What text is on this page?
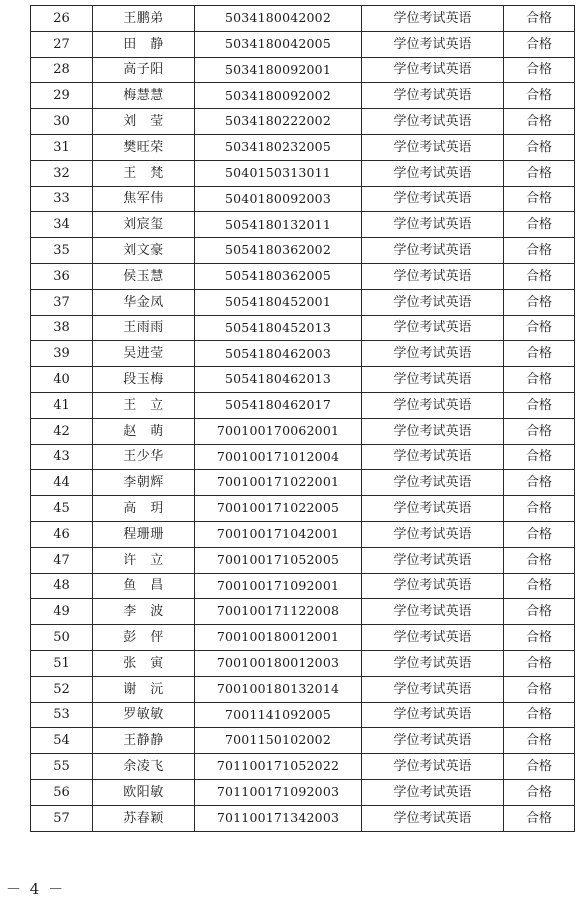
26	王鹏弟	5034180042002	学位考试英语	合格
27	田　静	5034180042005	学位考试英语	合格
28	高子阳	5034180092001	学位考试英语	合格
29	梅慧慧	5034180092002	学位考试英语	合格
30	刘　莹	5034180222002	学位考试英语	合格
31	樊旺荣	5034180232005	学位考试英语	合格
32	王　梵	5040150313011	学位考试英语	合格
33	焦军伟	5040180092003	学位考试英语	合格
34	刘宸玺	5054180132011	学位考试英语	合格
35	刘文豪	5054180362002	学位考试英语	合格
36	侯玉慧	5054180362005	学位考试英语	合格
37	华金凤	5054180452001	学位考试英语	合格
38	王雨雨	5054180452013	学位考试英语	合格
39	吴进莹	5054180462003	学位考试英语	合格
40	段玉梅	5054180462013	学位考试英语	合格
41	王　立	5054180462017	学位考试英语	合格
42	赵　萌	700100170062001	学位考试英语	合格
43	王少华	700100171012004	学位考试英语	合格
44	李朝辉	700100171022001	学位考试英语	合格
45	高　玥	700100171022005	学位考试英语	合格
46	程珊珊	700100171042001	学位考试英语	合格
47	许　立	700100171052005	学位考试英语	合格
48	鱼　昌	700100171092001	学位考试英语	合格
49	李　波	700100171122008	学位考试英语	合格
50	彭　伻	700100180012001	学位考试英语	合格
51	张　寅	700100180012003	学位考试英语	合格
52	谢　沅	700100180132014	学位考试英语	合格
53	罗敏敏	7001141092005	学位考试英语	合格
54	王静静	7001150102002	学位考试英语	合格
55	余凌飞	701100171052022	学位考试英语	合格
56	欧阳敏	701100171092003	学位考试英语	合格
57	苏春颖	701100171342003	学位考试英语	合格
－ 4 －
